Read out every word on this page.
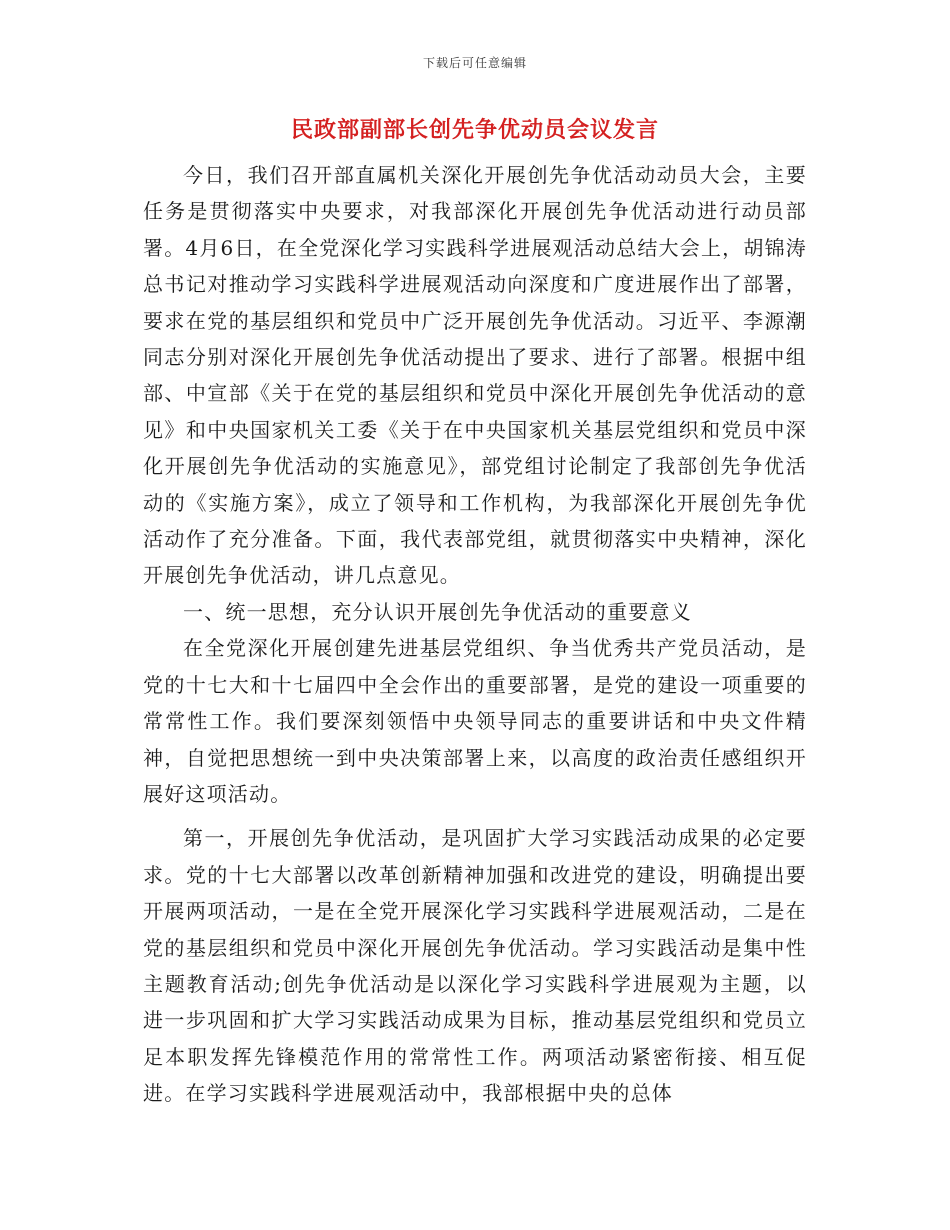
下载后可任意编辑
民政部副部长创先争优动员会议发言

今日，我们召开部直属机关深化开展创先争优活动动员大会，主要任务是贯彻落实中央要求，对我部深化开展创先争优活动进行动员部署。4月6日，在全党深化学习实践科学进展观活动总结大会上，胡锦涛总书记对推动学习实践科学进展观活动向深度和广度进展作出了部署，要求在党的基层组织和党员中广泛开展创先争优活动。习近平、李源潮同志分别对深化开展创先争优活动提出了要求、进行了部署。根据中组部、中宣部《关于在党的基层组织和党员中深化开展创先争优活动的意见》和中央国家机关工委《关于在中央国家机关基层党组织和党员中深化开展创先争优活动的实施意见》，部党组讨论制定了我部创先争优活动的《实施方案》，成立了领导和工作机构，为我部深化开展创先争优活动作了充分准备。下面，我代表部党组，就贯彻落实中央精神，深化开展创先争优活动，讲几点意见。

一、统一思想，充分认识开展创先争优活动的重要意义

在全党深化开展创建先进基层党组织、争当优秀共产党员活动，是党的十七大和十七届四中全会作出的重要部署，是党的建设一项重要的常常性工作。我们要深刻领悟中央领导同志的重要讲话和中央文件精神，自觉把思想统一到中央决策部署上来，以高度的政治责任感组织开展好这项活动。

第一，开展创先争优活动，是巩固扩大学习实践活动成果的必定要求。党的十七大部署以改革创新精神加强和改进党的建设，明确提出要开展两项活动，一是在全党开展深化学习实践科学进展观活动，二是在党的基层组织和党员中深化开展创先争优活动。学习实践活动是集中性主题教育活动;创先争优活动是以深化学习实践科学进展观为主题，以进一步巩固和扩大学习实践活动成果为目标，推动基层党组织和党员立足本职发挥先锋模范作用的常常性工作。两项活动紧密衔接、相互促进。在学习实践科学进展观活动中，我部根据中央的总体
